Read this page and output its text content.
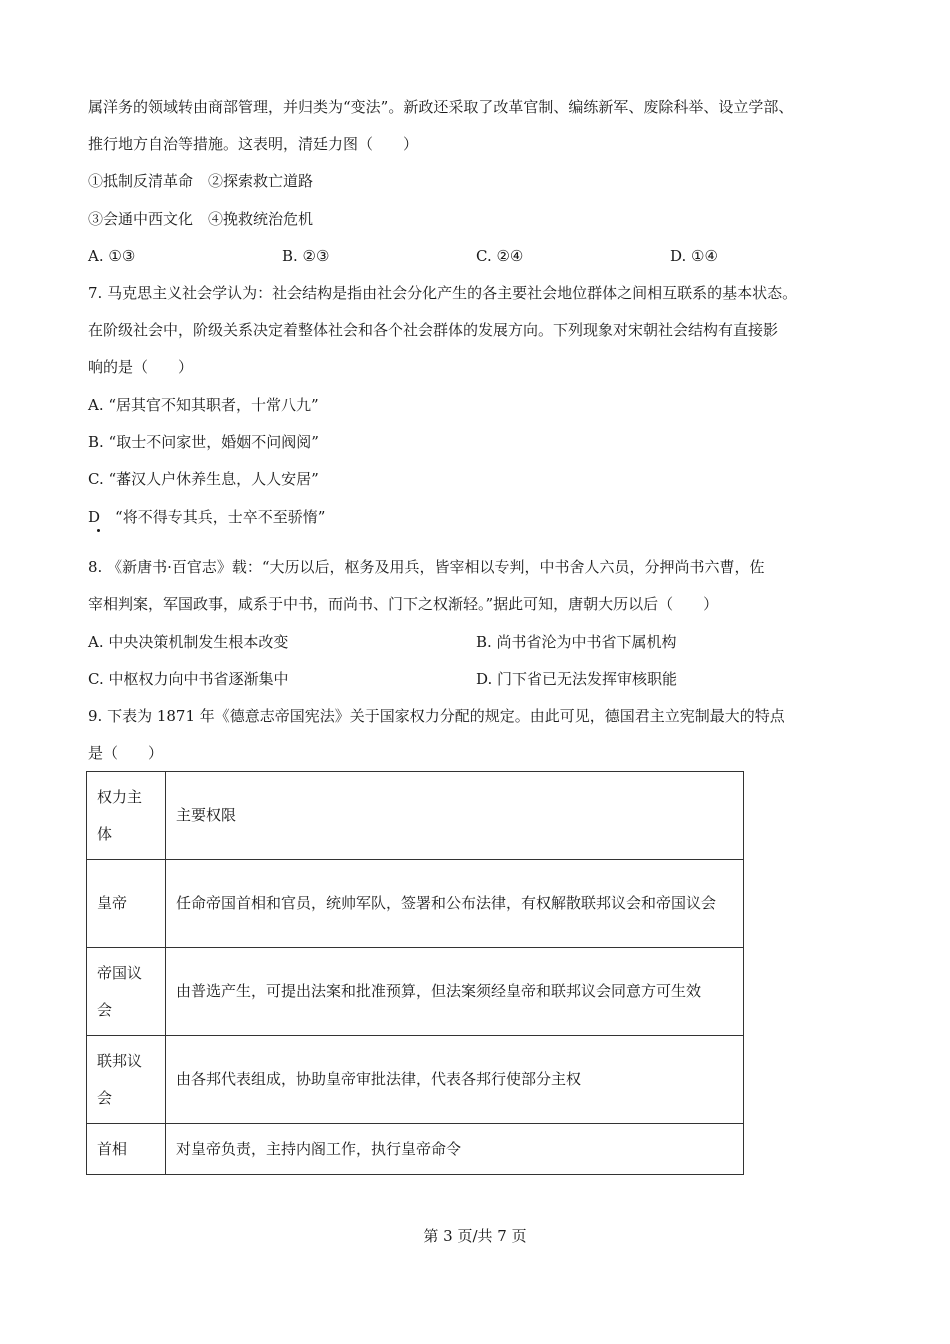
属洋务的领域转由商部管理，并归类为“变法”。新政还采取了改革官制、编练新军、废除科举、设立学部、
推行地方自治等措施。这表明，清廷力图（　　）
①抵制反清革命　②探索救亡道路
③会通中西文化　④挽救统治危机
A. ①③	B. ②③	C. ②④	D. ①④
7. 马克思主义社会学认为：社会结构是指由社会分化产生的各主要社会地位群体之间相互联系的基本状态。
在阶级社会中，阶级关系决定着整体社会和各个社会群体的发展方向。下列现象对宋朝社会结构有直接影
响的是（　　）
A. “居其官不知其职者，十常八九”
B. “取士不问家世，婚姻不问阀阅”
C. “蕃汉人户休养生息，人人安居”
D　“将不得专其兵，士卒不至骄惰”
8. 《新唐书·百官志》载：“大历以后，枢务及用兵，皆宰相以专判，中书舍人六员，分押尚书六曹，佐
宰相判案，军国政事，咸系于中书，而尚书、门下之权渐轻。”据此可知，唐朝大历以后（　　）
A. 中央决策机制发生根本改变	B. 尚书省沦为中书省下属机构
C. 中枢权力向中书省逐渐集中	D. 门下省已无法发挥审核职能
9. 下表为 1871 年《德意志帝国宪法》关于国家权力分配的规定。由此可见，德国君主立宪制最大的特点
是（　　）
权力主体	主要权限
皇帝	任命帝国首相和官员，统帅军队，签署和公布法律，有权解散联邦议会和帝国议会
帝国议会	由普选产生，可提出法案和批准预算，但法案须经皇帝和联邦议会同意方可生效
联邦议会	由各邦代表组成，协助皇帝审批法律，代表各邦行使部分主权
首相	对皇帝负责，主持内阁工作，执行皇帝命令
第 3 页/共 7 页
